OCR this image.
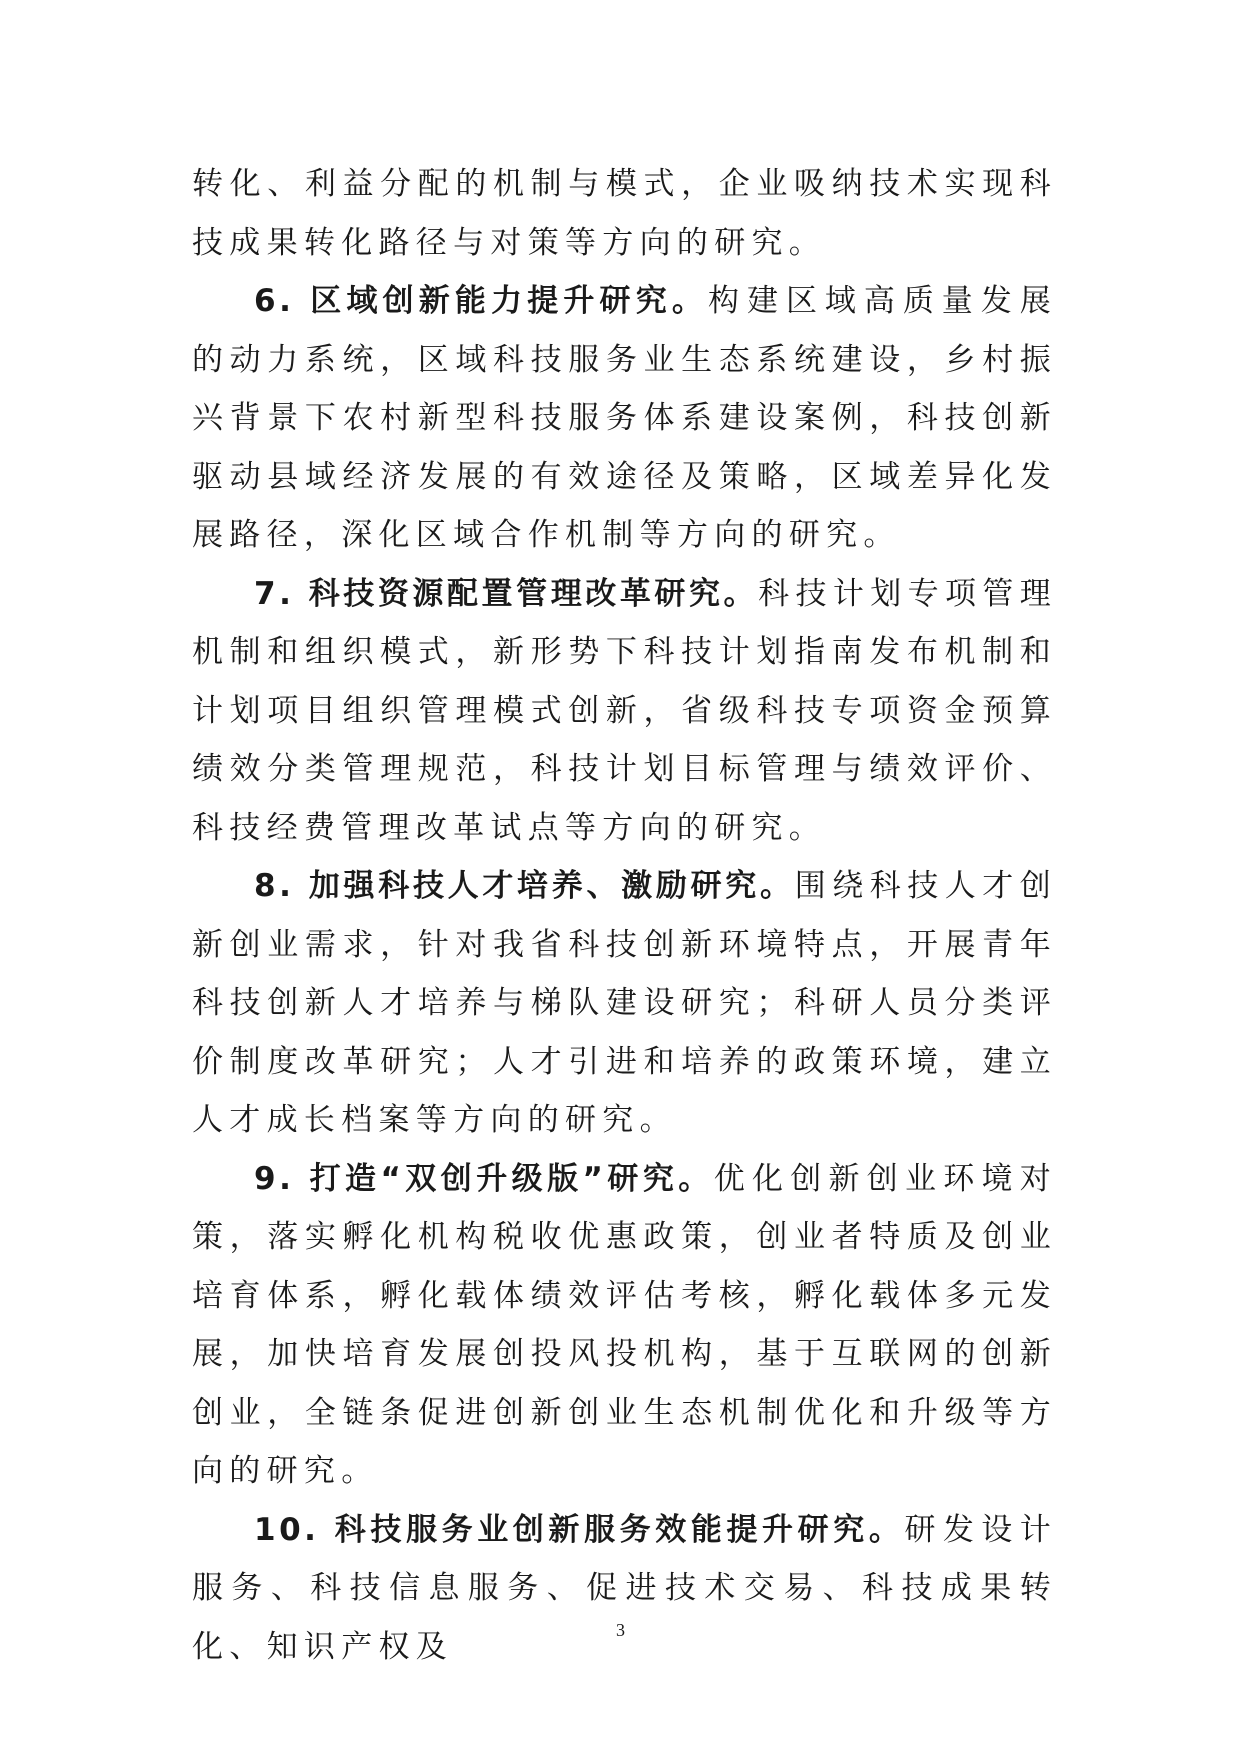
转化、利益分配的机制与模式，企业吸纳技术实现科技成果转化路径与对策等方向的研究。

6. 区域创新能力提升研究。构建区域高质量发展的动力系统，区域科技服务业生态系统建设，乡村振兴背景下农村新型科技服务体系建设案例，科技创新驱动县域经济发展的有效途径及策略，区域差异化发展路径，深化区域合作机制等方向的研究。

7. 科技资源配置管理改革研究。科技计划专项管理机制和组织模式，新形势下科技计划指南发布机制和计划项目组织管理模式创新，省级科技专项资金预算绩效分类管理规范，科技计划目标管理与绩效评价、科技经费管理改革试点等方向的研究。

8. 加强科技人才培养、激励研究。围绕科技人才创新创业需求，针对我省科技创新环境特点，开展青年科技创新人才培养与梯队建设研究；科研人员分类评价制度改革研究；人才引进和培养的政策环境，建立人才成长档案等方向的研究。

9. 打造“双创升级版”研究。优化创新创业环境对策，落实孵化机构税收优惠政策，创业者特质及创业培育体系，孵化载体绩效评估考核，孵化载体多元发展，加快培育发展创投风投机构，基于互联网的创新创业，全链条促进创新创业生态机制优化和升级等方向的研究。

10. 科技服务业创新服务效能提升研究。研发设计服务、科技信息服务、促进技术交易、科技成果转化、知识产权及	3
